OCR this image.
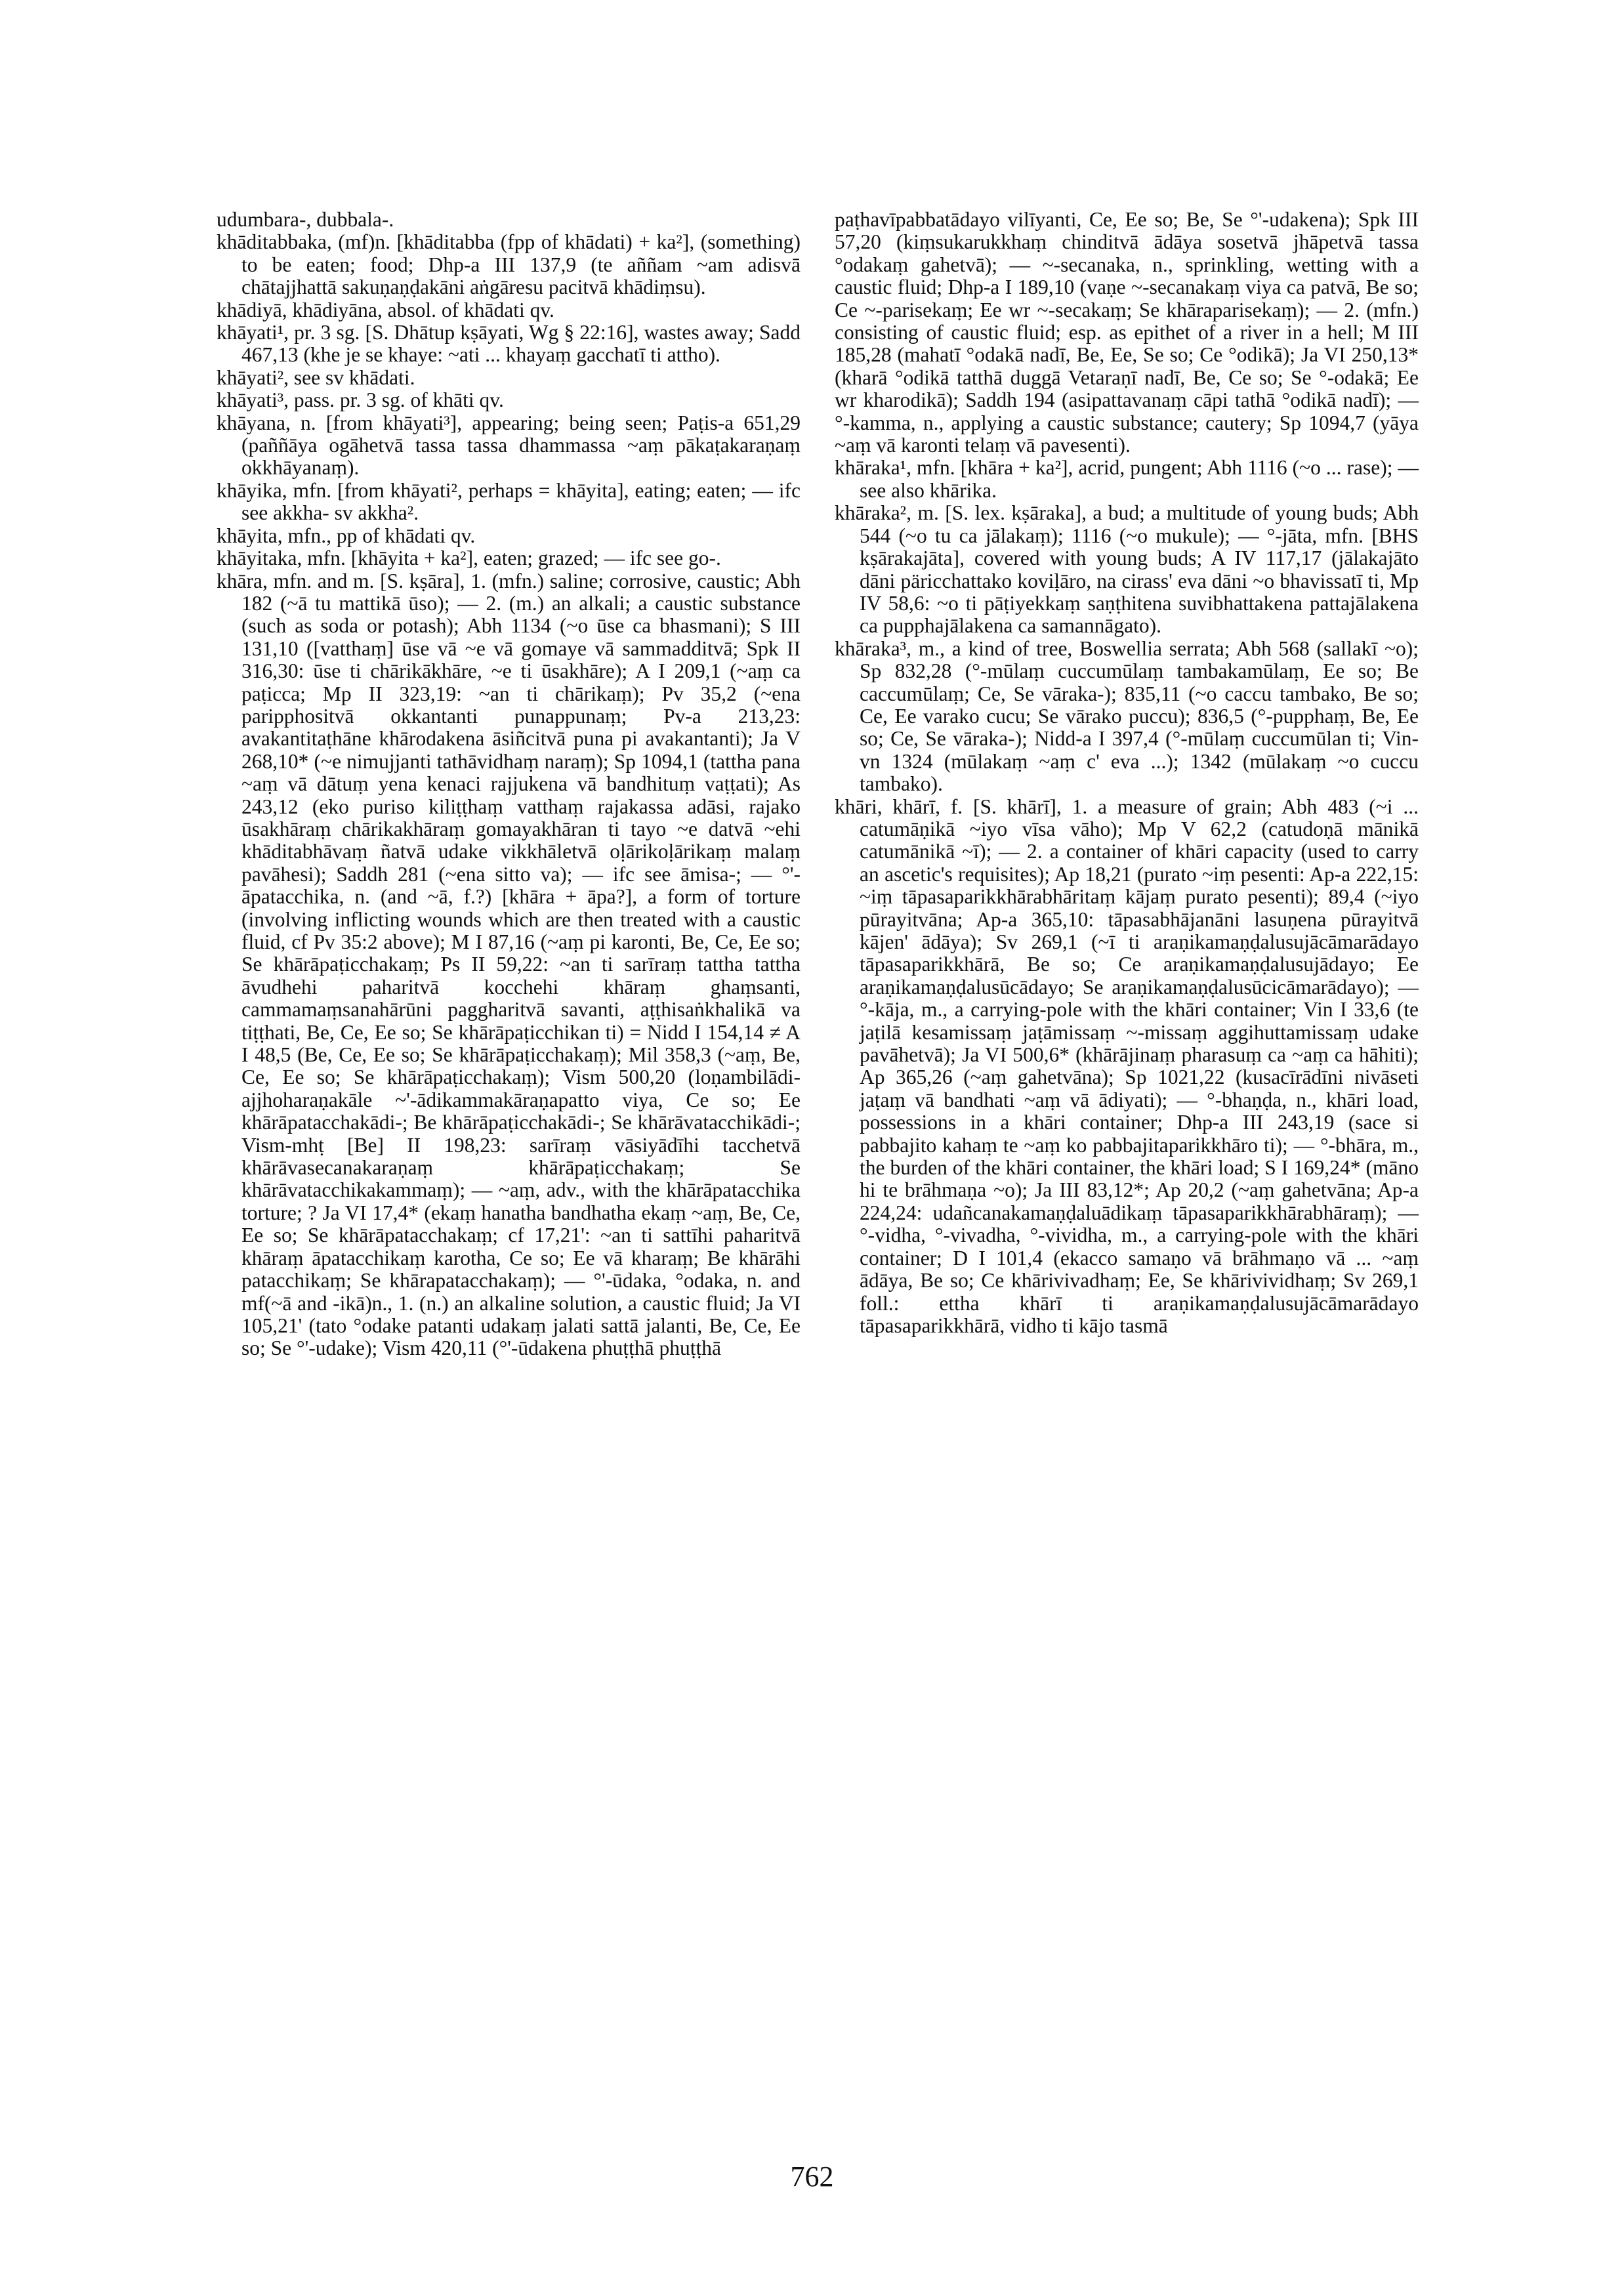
udumbara-, dubbala-.

khāditabbaka, (mf)n. [khāditabba (fpp of khādati) + ka²], (something) to be eaten; food; Dhp-a III 137,9 (te aññam ~am adisvā chātajjhattā sakuṇaṇḍakāni aṅgāresu pacitvā khādiṃsu).

khādiyā, khādiyāna, absol. of khādati qv.

khāyati¹, pr. 3 sg. [S. Dhātup kṣāyati, Wg § 22:16], wastes away; Sadd 467,13 (khe je se khaye: ~ati ... khayaṃ gacchatī ti attho).

khāyati², see sv khādati.

khāyati³, pass. pr. 3 sg. of khāti qv.

khāyana, n. [from khāyati³], appearing; being seen; Paṭis-a 651,29 (paññāya ogāhetvā tassa tassa dhammassa ~aṃ pākaṭakaraṇaṃ okkhāyanaṃ).

khāyika, mfn. [from khāyati², perhaps = khāyita], eating; eaten; — ifc see akkha- sv akkha².

khāyita, mfn., pp of khādati qv.

khāyitaka, mfn. [khāyita + ka²], eaten; grazed; — ifc see go-.

khāra, mfn. and m. [S. kṣāra], 1. (mfn.) saline; corrosive, caustic; Abh 182 (~ā tu mattikā ūso); — 2. (m.) an alkali; a caustic substance (such as soda or potash); Abh 1134 (~o ūse ca bhasmani); S III 131,10 ([vatthaṃ] ūse vā ~e vā gomaye vā sammadditvā; Spk II 316,30: ūse ti chārikākhāre, ~e ti ūsakhāre); A I 209,1 (~aṃ ca paṭicca; Mp II 323,19: ~an ti chārikaṃ); Pv 35,2 (~ena paripphositvā okkantanti punappunaṃ; Pv-a 213,23: avakantitaṭhāne khārodakena āsiñcitvā puna pi avakantanti); Ja V 268,10* (~e nimujjanti tathāvidhaṃ naraṃ); Sp 1094,1 (tattha pana ~aṃ vā dātuṃ yena kenaci rajjukena vā bandhituṃ vaṭṭati); As 243,12 (eko puriso kiliṭṭhaṃ vatthaṃ rajakassa adāsi, rajako ūsakhāraṃ chārikakhāraṃ gomayakhāran ti tayo ~e datvā ~ehi khāditabhāvaṃ ñatvā udake vikkhāletvā oḷārikoḷārikaṃ malaṃ pavāhesi); Saddh 281 (~ena sitto va); — ifc see āmisa-; — °'-āpatacchika, n. (and ~ā, f.?) [khāra + āpa?], a form of torture (involving inflicting wounds which are then treated with a caustic fluid, cf Pv 35:2 above); M I 87,16 (~aṃ pi karonti, Be, Ce, Ee so; Se khārāpaṭicchakaṃ; Ps II 59,22: ~an ti sarīraṃ tattha tattha āvudhehi paharitvā kocchehi khāraṃ ghaṃsanti, cammamaṃsanahārūni paggharitvā savanti, aṭṭhisaṅkhalikā va tiṭṭhati, Be, Ce, Ee so; Se khārāpaṭicchikan ti) = Nidd I 154,14 ≠ A I 48,5 (Be, Ce, Ee so; Se khārāpaṭicchakaṃ); Mil 358,3 (~aṃ, Be, Ce, Ee so; Se khārāpaṭicchakaṃ); Vism 500,20 (loṇambilādi-ajjhoharaṇakāle ~'-ādikammakāraṇapatto viya, Ce so; Ee khārāpatacchakādi-; Be khārāpaṭicchakādi-; Se khārāvatacchikādi-; Vism-mhṭ [Be] II 198,23: sarīraṃ vāsiyādīhi tacchetvā khārāvasecanakaraṇaṃ khārāpaṭicchakaṃ; Se khārāvatacchikakammaṃ); — ~aṃ, adv., with the khārāpatacchika torture; ? Ja VI 17,4* (ekaṃ hanatha bandhatha ekaṃ ~aṃ, Be, Ce, Ee so; Se khārāpatacchakaṃ; cf 17,21': ~an ti sattīhi paharitvā khāraṃ āpatacchikaṃ karotha, Ce so; Ee vā kharaṃ; Be khārāhi patacchikaṃ; Se khārapatacchakaṃ); — °'-ūdaka, °odaka, n. and mf(~ā and -ikā)n., 1. (n.) an alkaline solution, a caustic fluid; Ja VI 105,21' (tato °odake patanti udakaṃ jalati sattā jalanti, Be, Ce, Ee so; Se °'-udake); Vism 420,11 (°'-ūdakena phuṭṭhā phuṭṭhā

paṭhavīpabbatādayo vilīyanti, Ce, Ee so; Be, Se °'-udakena); Spk III 57,20 (kiṃsukarukkhaṃ chinditvā ādāya sosetvā jhāpetvā tassa °odakaṃ gahetvā); — ~-secanaka, n., sprinkling, wetting with a caustic fluid; Dhp-a I 189,10 (vaṇe ~-secanakaṃ viya ca patvā, Be so; Ce ~-parisekaṃ; Ee wr ~-secakaṃ; Se khāraparisekaṃ); — 2. (mfn.) consisting of caustic fluid; esp. as epithet of a river in a hell; M III 185,28 (mahatī °odakā nadī, Be, Ee, Se so; Ce °odikā); Ja VI 250,13* (kharā °odikā tatthā duggā Vetaraṇī nadī, Be, Ce so; Se °-odakā; Ee wr kharodikā); Saddh 194 (asipattavanaṃ cāpi tathā °odikā nadī); — °-kamma, n., applying a caustic substance; cautery; Sp 1094,7 (yāya ~aṃ vā karonti telaṃ vā pavesenti).

khāraka¹, mfn. [khāra + ka²], acrid, pungent; Abh 1116 (~o ... rase); — see also khārika.

khāraka², m. [S. lex. kṣāraka], a bud; a multitude of young buds; Abh 544 (~o tu ca jālakaṃ); 1116 (~o mukule); — °-jāta, mfn. [BHS kṣārakajāta], covered with young buds; A IV 117,17 (jālakajāto dāni päricchattako koviḷāro, na cirass' eva dāni ~o bhavissatī ti, Mp IV 58,6: ~o ti pāṭiyekkaṃ saṇṭhitena suvibhattakena pattajālakena ca pupphajālakena ca samannāgato).

khāraka³, m., a kind of tree, Boswellia serrata; Abh 568 (sallakī ~o); Sp 832,28 (°-mūlaṃ cuccumūlaṃ tambakamūlaṃ, Ee so; Be caccumūlaṃ; Ce, Se vāraka-); 835,11 (~o caccu tambako, Be so; Ce, Ee varako cucu; Se vārako puccu); 836,5 (°-pupphaṃ, Be, Ee so; Ce, Se vāraka-); Nidd-a I 397,4 (°-mūlaṃ cuccumūlan ti; Vin-vn 1324 (mūlakaṃ ~aṃ c' eva ...); 1342 (mūlakaṃ ~o cuccu tambako).

khāri, khārī, f. [S. khārī], 1. a measure of grain; Abh 483 (~i ... catumāṇikā ~iyo vīsa vāho); Mp V 62,2 (catudoṇā mānikā catumānikā ~ī); — 2. a container of khāri capacity (used to carry an ascetic's requisites); Ap 18,21 (purato ~iṃ pesenti: Ap-a 222,15: ~iṃ tāpasaparikkhārabhāritaṃ kājaṃ purato pesenti); 89,4 (~iyo pūrayitvāna; Ap-a 365,10: tāpasabhājanāni lasuṇena pūrayitvā kājen' ādāya); Sv 269,1 (~ī ti araṇikamaṇḍalusujācāmarādayo tāpasaparikkhārā, Be so; Ce araṇikamaṇḍalusujādayo; Ee araṇikamaṇḍalusūcādayo; Se araṇikamaṇḍalusūcicāmarādayo); — °-kāja, m., a carrying-pole with the khāri container; Vin I 33,6 (te jaṭilā kesamissaṃ jaṭāmissaṃ ~-missaṃ aggihuttamissaṃ udake pavāhetvā); Ja VI 500,6* (khārājinaṃ pharasuṃ ca ~aṃ ca hāhiti); Ap 365,26 (~aṃ gahetvāna); Sp 1021,22 (kusacīrādīni nivāseti jaṭaṃ vā bandhati ~aṃ vā ādiyati); — °-bhaṇḍa, n., khāri load, possessions in a khāri container; Dhp-a III 243,19 (sace si pabbajito kahaṃ te ~aṃ ko pabbajitaparikkhāro ti); — °-bhāra, m., the burden of the khāri container, the khāri load; S I 169,24* (māno hi te brāhmaṇa ~o); Ja III 83,12*; Ap 20,2 (~aṃ gahetvāna; Ap-a 224,24: udañcanakamaṇḍaluādikaṃ tāpasaparikkhārabhāraṃ); — °-vidha, °-vivadha, °-vividha, m., a carrying-pole with the khāri container; D I 101,4 (ekacco samaṇo vā brāhmaṇo vā ... ~aṃ ādāya, Be so; Ce khārivivadhaṃ; Ee, Se khārivividhaṃ; Sv 269,1 foll.: ettha khārī ti araṇikamaṇḍalusujācāmarādayo tāpasaparikkhārā, vidho ti kājo tasmā

762
